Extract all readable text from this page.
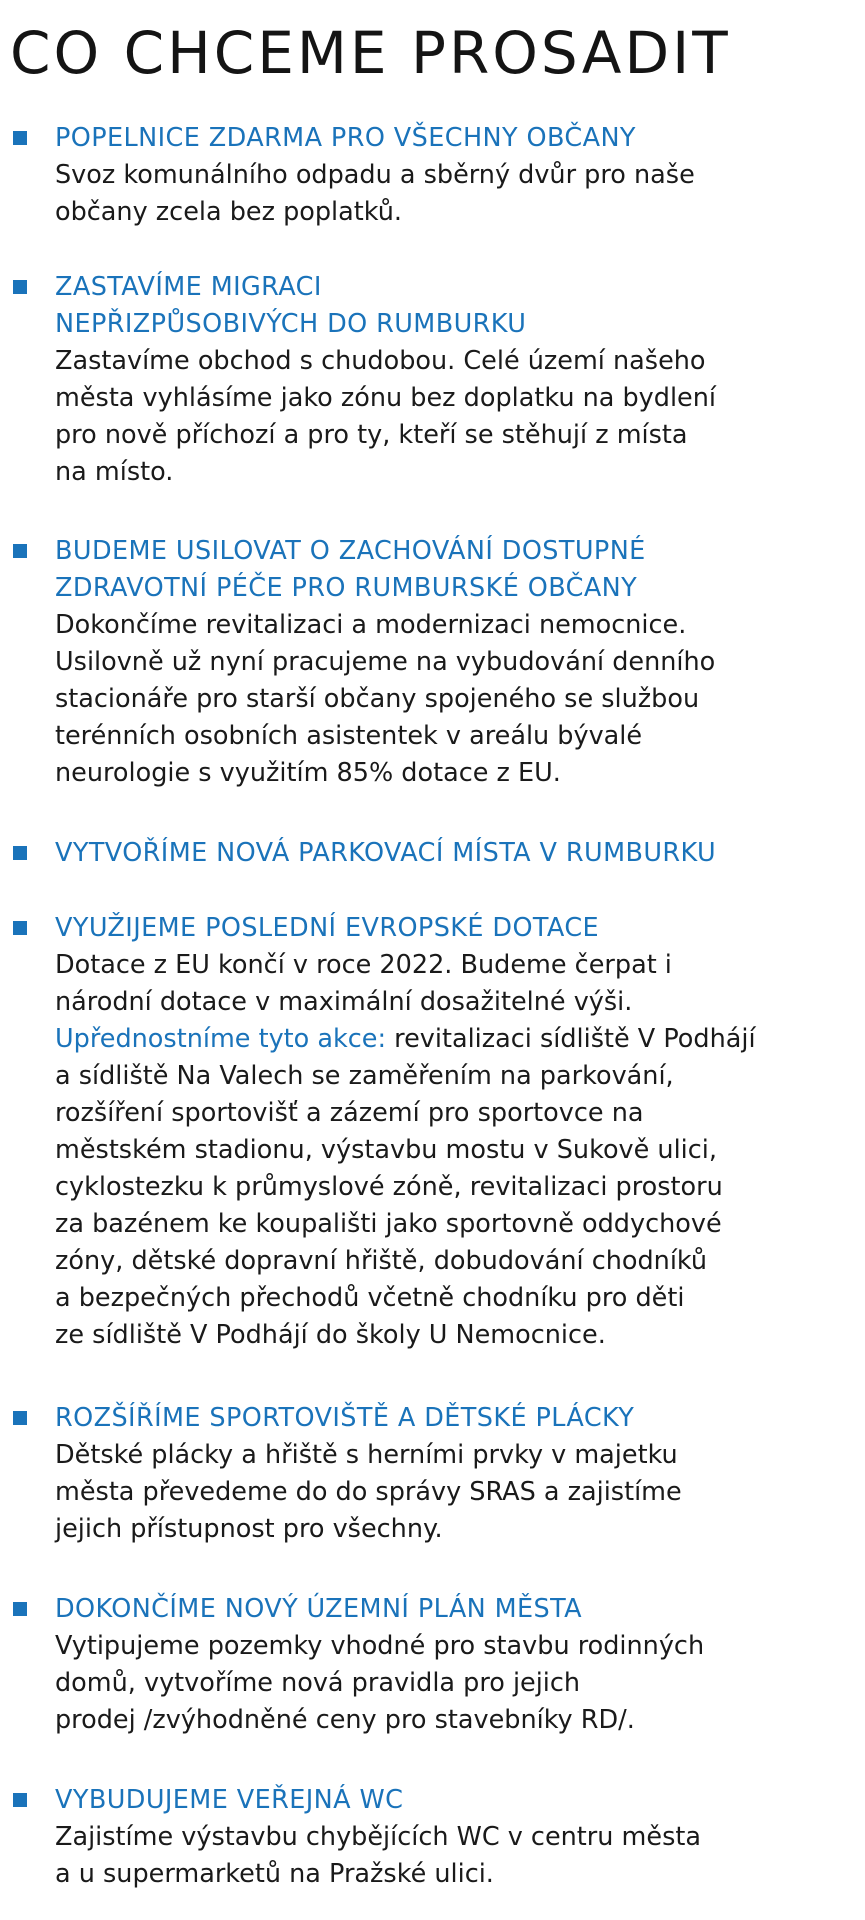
CO CHCEME PROSADIT
POPELNICE ZDARMA PRO VŠECHNY OBČANY

Svoz komunálního odpadu a sběrný dvůr pro naše
občany zcela bez poplatků.

ZASTAVÍME MIGRACI
NEPŘIZPŮSOBIVÝCH DO RUMBURKU

Zastavíme obchod s chudobou. Celé území našeho
města vyhlásíme jako zónu bez doplatku na bydlení
pro nově příchozí a pro ty, kteří se stěhují z místa
na místo.

BUDEME USILOVAT O ZACHOVÁNÍ DOSTUPNÉ
ZDRAVOTNÍ PÉČE PRO RUMBURSKÉ OBČANY

Dokončíme revitalizaci a modernizaci nemocnice.
Usilovně už nyní pracujeme na vybudování denního
stacionáře pro starší občany spojeného se službou
terénních osobních asistentek v areálu bývalé
neurologie s využitím 85% dotace z EU.

VYTVOŘÍME NOVÁ PARKOVACÍ MÍSTA V RUMBURKU
VYUŽIJEME POSLEDNÍ EVROPSKÉ DOTACE

Dotace z EU končí v roce 2022. Budeme čerpat i
národní dotace v maximální dosažitelné výši.
Upřednostníme tyto akce: revitalizaci sídliště V Podhájí
a sídliště Na Valech se zaměřením na parkování,
rozšíření sportovišť a zázemí pro sportovce na
městském stadionu, výstavbu mostu v Sukově ulici,
cyklostezku k průmyslové zóně, revitalizaci prostoru
za bazénem ke koupališti jako sportovně oddychové
zóny, dětské dopravní hřiště, dobudování chodníků
a bezpečných přechodů včetně chodníku pro děti
ze sídliště V Podhájí do školy U Nemocnice.

ROZŠÍŘÍME SPORTOVIŠTĚ A DĚTSKÉ PLÁCKY

Dětské plácky a hřiště s herními prvky v majetku
města převedeme do do správy SRAS a zajistíme
jejich přístupnost pro všechny.

DOKONČÍME NOVÝ ÚZEMNÍ PLÁN MĚSTA

Vytipujeme pozemky vhodné pro stavbu rodinných
domů, vytvoříme nová pravidla pro jejich
prodej /zvýhodněné ceny pro stavebníky RD/.

VYBUDUJEME VEŘEJNÁ WC

Zajistíme výstavbu chybějících WC v centru města
a u supermarketů na Pražské ulici.
